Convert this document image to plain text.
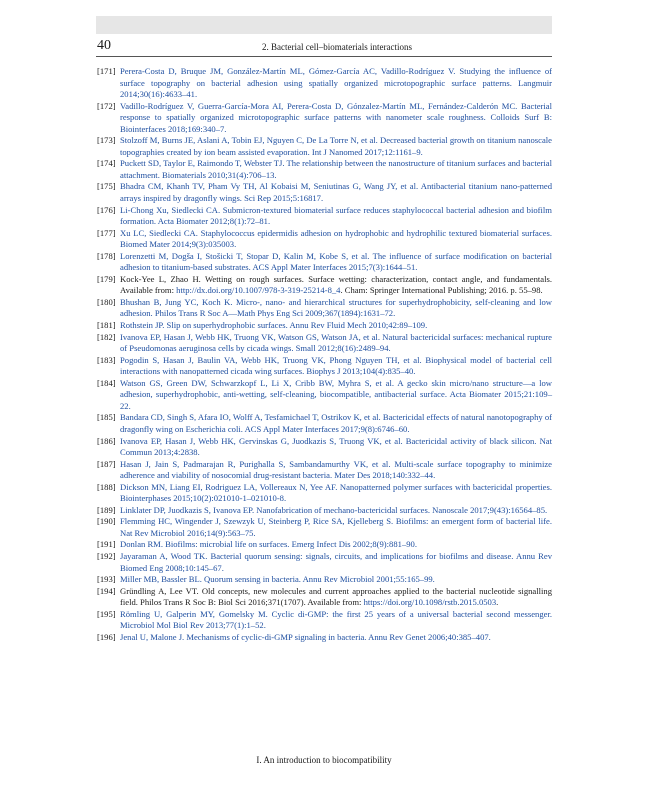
40	2. Bacterial cell–biomaterials interactions
[171] Perera-Costa D, Bruque JM, González-Martín ML, Gómez-García AC, Vadillo-Rodríguez V. Studying the influence of surface topography on bacterial adhesion using spatially organized microtopographic surface patterns. Langmuir 2014;30(16):4633–41.
[172] Vadillo-Rodríguez V, Guerra-García-Mora AI, Perera-Costa D, Gónzalez-Martín ML, Fernández-Calderón MC. Bacterial response to spatially organized microtopographic surface patterns with nanometer scale roughness. Colloids Surf B: Biointerfaces 2018;169:340–7.
[173] Stolzoff M, Burns JE, Aslani A, Tobin EJ, Nguyen C, De La Torre N, et al. Decreased bacterial growth on titanium nanoscale topographies created by ion beam assisted evaporation. Int J Nanomed 2017;12:1161–9.
[174] Puckett SD, Taylor E, Raimondo T, Webster TJ. The relationship between the nanostructure of titanium surfaces and bacterial attachment. Biomaterials 2010;31(4):706–13.
[175] Bhadra CM, Khanh TV, Pham Vy TH, Al Kobaisi M, Seniutinas G, Wang JY, et al. Antibacterial titanium nano-patterned arrays inspired by dragonfly wings. Sci Rep 2015;5:16817.
[176] Li-Chong Xu, Siedlecki CA. Submicron-textured biomaterial surface reduces staphylococcal bacterial adhesion and biofilm formation. Acta Biomater 2012;8(1):72–81.
[177] Xu LC, Siedlecki CA. Staphylococcus epidermidis adhesion on hydrophobic and hydrophilic textured biomaterial surfaces. Biomed Mater 2014;9(3):035003.
[178] Lorenzetti M, Dogša I, Stošicki T, Stopar D, Kalin M, Kobe S, et al. The influence of surface modification on bacterial adhesion to titanium-based substrates. ACS Appl Mater Interfaces 2015;7(3):1644–51.
[179] Kock-Yee L, Zhao H. Wetting on rough surfaces. Surface wetting: characterization, contact angle, and fundamentals. Available from: http://dx.doi.org/10.1007/978-3-319-25214-8_4. Cham: Springer International Publishing; 2016. p. 55–98.
[180] Bhushan B, Jung YC, Koch K. Micro-, nano- and hierarchical structures for superhydrophobicity, self-cleaning and low adhesion. Philos Trans R Soc A—Math Phys Eng Sci 2009;367(1894):1631–72.
[181] Rothstein JP. Slip on superhydrophobic surfaces. Annu Rev Fluid Mech 2010;42:89–109.
[182] Ivanova EP, Hasan J, Webb HK, Truong VK, Watson GS, Watson JA, et al. Natural bactericidal surfaces: mechanical rupture of Pseudomonas aeruginosa cells by cicada wings. Small 2012;8(16):2489–94.
[183] Pogodin S, Hasan J, Baulin VA, Webb HK, Truong VK, Phong Nguyen TH, et al. Biophysical model of bacterial cell interactions with nanopatterned cicada wing surfaces. Biophys J 2013;104(4):835–40.
[184] Watson GS, Green DW, Schwarzkopf L, Li X, Cribb BW, Myhra S, et al. A gecko skin micro/nano structure—a low adhesion, superhydrophobic, anti-wetting, self-cleaning, biocompatible, antibacterial surface. Acta Biomater 2015;21:109–22.
[185] Bandara CD, Singh S, Afara IO, Wolff A, Tesfamichael T, Ostrikov K, et al. Bactericidal effects of natural nanotopography of dragonfly wing on Escherichia coli. ACS Appl Mater Interfaces 2017;9(8):6746–60.
[186] Ivanova EP, Hasan J, Webb HK, Gervinskas G, Juodkazis S, Truong VK, et al. Bactericidal activity of black silicon. Nat Commun 2013;4:2838.
[187] Hasan J, Jain S, Padmarajan R, Purighalla S, Sambandamurthy VK, et al. Multi-scale surface topography to minimize adherence and viability of nosocomial drug-resistant bacteria. Mater Des 2018;140:332–44.
[188] Dickson MN, Liang EI, Rodriguez LA, Vollereaux N, Yee AF. Nanopatterned polymer surfaces with bactericidal properties. Biointerphases 2015;10(2):021010-1–021010-8.
[189] Linklater DP, Juodkazis S, Ivanova EP. Nanofabrication of mechano-bactericidal surfaces. Nanoscale 2017;9(43):16564–85.
[190] Flemming HC, Wingender J, Szewzyk U, Steinberg P, Rice SA, Kjelleberg S. Biofilms: an emergent form of bacterial life. Nat Rev Microbiol 2016;14(9):563–75.
[191] Donlan RM. Biofilms: microbial life on surfaces. Emerg Infect Dis 2002;8(9):881–90.
[192] Jayaraman A, Wood TK. Bacterial quorum sensing: signals, circuits, and implications for biofilms and disease. Annu Rev Biomed Eng 2008;10:145–67.
[193] Miller MB, Bassler BL. Quorum sensing in bacteria. Annu Rev Microbiol 2001;55:165–99.
[194] Gründling A, Lee VT. Old concepts, new molecules and current approaches applied to the bacterial nucleotide signalling field. Philos Trans R Soc B: Biol Sci 2016;371(1707). Available from: https://doi.org/10.1098/rstb.2015.0503.
[195] Römling U, Galperin MY, Gomelsky M. Cyclic di-GMP: the first 25 years of a universal bacterial second messenger. Microbiol Mol Biol Rev 2013;77(1):1–52.
[196] Jenal U, Malone J. Mechanisms of cyclic-di-GMP signaling in bacteria. Annu Rev Genet 2006;40:385–407.
I. An introduction to biocompatibility
